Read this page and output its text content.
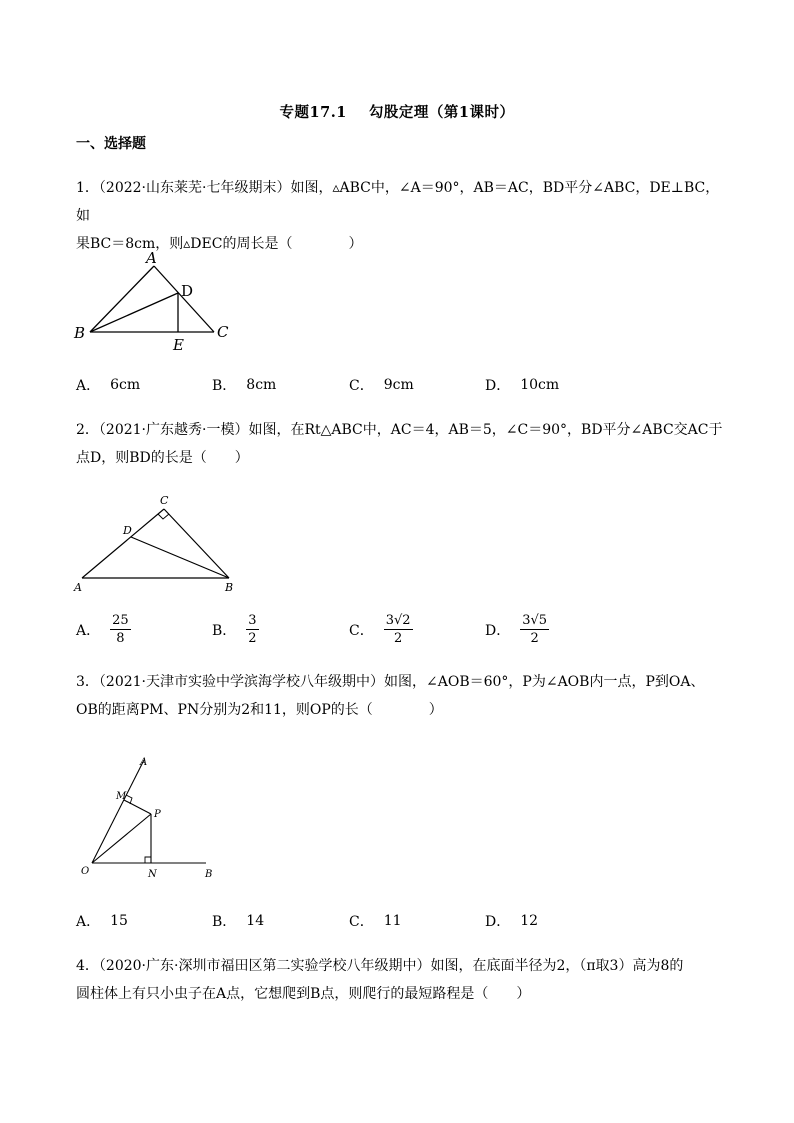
专题17.1 勾股定理（第1课时）
一、选择题
1．（2022·山东莱芜·七年级期末）如图，▵ABC中，∠A＝90°，AB＝AC，BD平分∠ABC，DE⊥BC，如
果BC＝8cm，则▵DEC的周长是（　　　　）
A
D
B	C
E
A． 6cm	B． 8cm	C． 9cm	D． 10cm
2．（2021·广东越秀·一模）如图，在Rt△ABC中，AC＝4，AB＝5，∠C＝90°，BD平分∠ABC交AC于
点D，则BD的长是（　　）
C
D
A	B
A． $\frac{25}{8}$	B． $\frac{3}{2}$	C． $\frac{3√2}{2}$	D． $\frac{3√5}{2}$
3．（2021·天津市实验中学滨海学校八年级期中）如图，∠AOB＝60°，P为∠AOB内一点，P到OA、
OB的距离PM、PN分别为2和11，则OP的长（　　　　）
A
M
P
O	N	B
A． 15	B． 14	C． 11	D． 12
4．（2020·广东·深圳市福田区第二实验学校八年级期中）如图，在底面半径为2，（π取3）高为8的
圆柱体上有只小虫子在A点，它想爬到B点，则爬行的最短路程是（　　）
